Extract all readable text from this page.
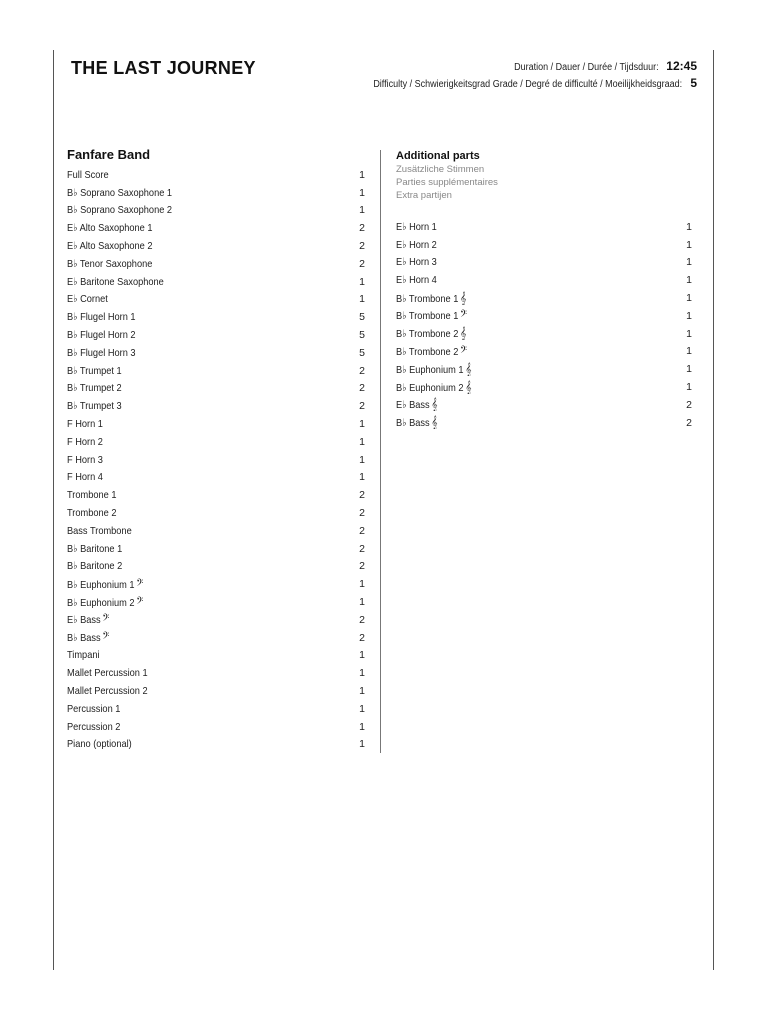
THE LAST JOURNEY	Duration / Dauer / Durée / Tijdsduur: 12:45
Difficulty / Schwierigkeitsgrad Grade / Degré de difficulté / Moeilijkheidsgraad: 5
Fanfare Band
Full Score	1
B♭ Soprano Saxophone 1	1
B♭ Soprano Saxophone 2	1
E♭ Alto Saxophone 1	2
E♭ Alto Saxophone 2	2
B♭ Tenor Saxophone	2
E♭ Baritone Saxophone	1
E♭ Cornet	1
B♭ Flugel Horn 1	5
B♭ Flugel Horn 2	5
B♭ Flugel Horn 3	5
B♭ Trumpet 1	2
B♭ Trumpet 2	2
B♭ Trumpet 3	2
F Horn 1	1
F Horn 2	1
F Horn 3	1
F Horn 4	1
Trombone 1	2
Trombone 2	2
Bass Trombone	2
B♭ Baritone 1	2
B♭ Baritone 2	2
B♭ Euphonium 1 𝄢	1
B♭ Euphonium 2 𝄢	1
E♭ Bass 𝄢	2
B♭ Bass 𝄢	2
Timpani	1
Mallet Percussion 1	1
Mallet Percussion 2	1
Percussion 1	1
Percussion 2	1
Piano (optional)	1
Additional parts
Zusätzliche Stimmen
Parties supplémentaires
Extra partijen
E♭ Horn 1	1
E♭ Horn 2	1
E♭ Horn 3	1
E♭ Horn 4	1
B♭ Trombone 1 𝄞	1
B♭ Trombone 1 𝄢	1
B♭ Trombone 2 𝄞	1
B♭ Trombone 2 𝄢	1
B♭ Euphonium 1 𝄞	1
B♭ Euphonium 2 𝄞	1
E♭ Bass 𝄞	2
B♭ Bass 𝄞	2
